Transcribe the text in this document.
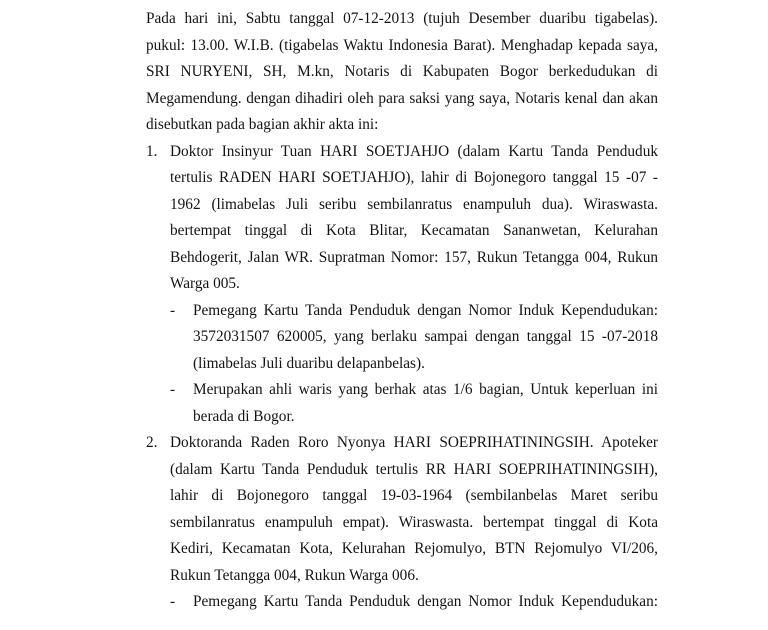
Pada hari ini, Sabtu tanggal 07-12-2013 (tujuh Desember duaribu tigabelas).
pukul: 13.00. W.I.B. (tigabelas Waktu Indonesia Barat). Menghadap kepada saya,
SRI NURYENI, SH, M.kn, Notaris di Kabupaten Bogor berkedudukan di
Megamendung. dengan dihadiri oleh para saksi yang saya, Notaris kenal dan akan
disebutkan pada bagian akhir akta ini:
1. Doktor Insinyur Tuan HARI SOETJAHJO (dalam Kartu Tanda Penduduk
tertulis RADEN HARI SOETJAHJO), lahir di Bojonegoro tanggal 15 -07 -
1962 (limabelas Juli seribu sembilanratus enampuluh dua). Wiraswasta.
bertempat tinggal di Kota Blitar, Kecamatan Sananwetan, Kelurahan
Behdogerit, Jalan WR. Supratman Nomor: 157, Rukun Tetangga 004, Rukun
Warga 005.
- Pemegang Kartu Tanda Penduduk dengan Nomor Induk Kependudukan:
3572031507 620005, yang berlaku sampai dengan tanggal 15 -07-2018
(limabelas Juli duaribu delapanbelas).
- Merupakan ahli waris yang berhak atas 1/6 bagian, Untuk keperluan ini
berada di Bogor.
2. Doktoranda Raden Roro Nyonya HARI SOEPRIHATININGSIH. Apoteker
(dalam Kartu Tanda Penduduk tertulis RR HARI SOEPRIHATININGSIH),
lahir di Bojonegoro tanggal 19-03-1964 (sembilanbelas Maret seribu
sembilanratus enampuluh empat). Wiraswasta. bertempat tinggal di Kota
Kediri, Kecamatan Kota, Kelurahan Rejomulyo, BTN Rejomulyo VI/206,
Rukun Tetangga 004, Rukun Warga 006.
- Pemegang Kartu Tanda Penduduk dengan Nomor Induk Kependudukan:
